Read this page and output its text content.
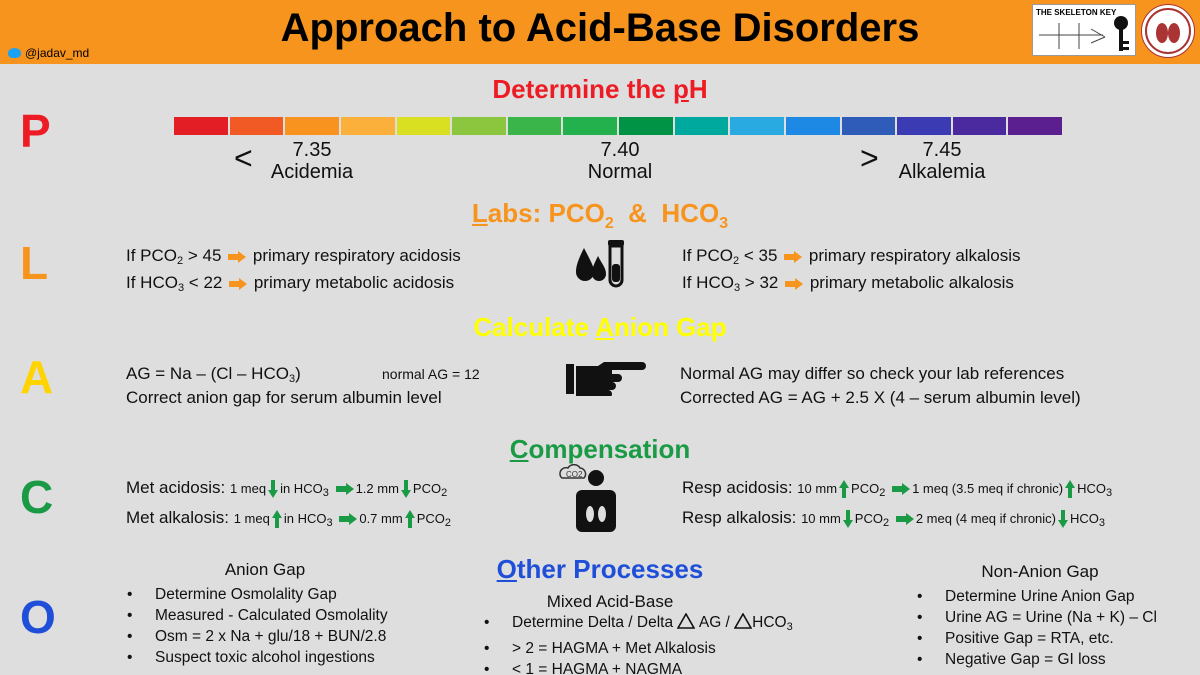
Approach to Acid-Base Disorders
@jadav_md
THE SKELETON KEY
P
L
A
C
O
Determine the pH
<	7.35
Acidemia
7.40
Normal	>	7.45
Alkalemia
Labs: $PCO_2$  &  $HCO_3$
If $PCO_2 > 45$ primary respiratory acidosis
If $HCO_3 < 22$ primary metabolic acidosis
If $PCO_2 < 35$ primary respiratory alkalosis
If $HCO_3 > 32$ primary metabolic alkalosis
Calculate Anion Gap
AG = Na – $(Cl - HCO_3)$	normal AG = 12
Correct anion gap for serum albumin level
Normal AG may differ so check your lab references
Corrected AG = AG + 2.5 X (4 – serum albumin level)
Compensation
Met acidosis: 1 meq in $HCO_3$ 1.2 mm $PCO_2$
Met alkalosis: 1 meq in $HCO_3$ 0.7 mm $PCO_2$
CO2
Resp acidosis: 10 mm $PCO_2$ 1 meq (3.5 meq if chronic) $HCO_3$
Resp alkalosis: 10 mm $PCO_2$ 2 meq (4 meq if chronic) $HCO_3$
Other Processes
Anion Gap
• Determine Osmolality Gap
• Measured - Calculated Osmolality
• Osm = 2 x Na + glu/18 + BUN/2.8
• Suspect toxic alcohol ingestions
Mixed Acid-Base
• Determine Delta / Delta  AG / $HCO_3$
• > 2 = HAGMA + Met Alkalosis
• < 1 = HAGMA + NAGMA
Non-Anion Gap
• Determine Urine Anion Gap
• Urine AG = Urine (Na + K) – Cl
• Positive Gap = RTA, etc.
• Negative Gap = GI loss
